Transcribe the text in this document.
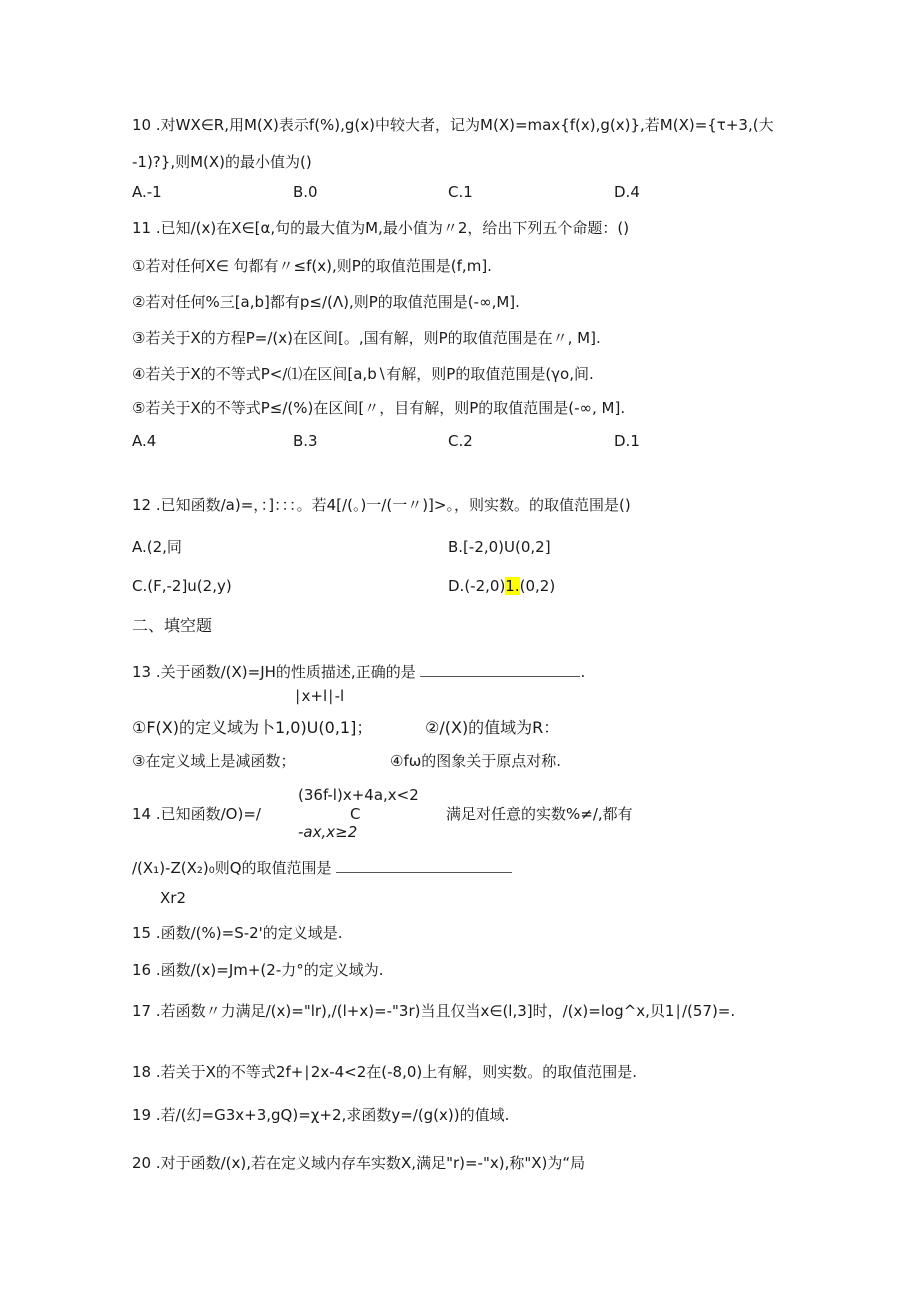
10 .对WX∈R,用M(X)表示f(%),g(x)中较大者，记为M(X)=max{f(x),g(x)},若M(X)={τ+3,(大
-1)?},则M(X)的最小值为()
A.-1	B.0	C.1	D.4
11 .已知/(x)在X∈[α,句的最大值为M,最小值为〃2，给出下列五个命题：()
①若对任何X∈ 句都有〃≤f(x),则P的取值范围是(f,m].
②若对任何%三[a,b]都有p≤/(Λ),则P的取值范围是(-∞,M].
③若关于X的方程P=/(x)在区间[。,国有解，则P的取值范围是在〃, M].
④若关于X的不等式P</⑴在区间[a,b∖有解，则P的取值范围是(γo,间.
⑤若关于X的不等式P≤/(%)在区间[〃，目有解，则P的取值范围是(-∞, M].
A.4	B.3	C.2	D.1
12 .已知函数/a)=，：]：：：。若4[/(。)一/(一〃)]>。，则实数。的取值范围是()
A.(2,同	B.[-2,0)U(0,2]
C.(F,-2]u(2,y)	D.(-2,0)1.(0,2)
二、填空题
13 .关于函数/(X)=JH的性质描述,正确的是	.
∣x+l∣-l
①F(X)的定义域为卜1,0)U(0,1]；	②/(X)的值域为R：
③在定义域上是减函数；	④fω的图象关于原点对称.
(36f-l)x+4a,x<2
14 .已知函数/O)=/	C	满足对任意的实数%≠/,都有
-ax,x≥2
/(X₁)-Z(X₂)₀则Q的取值范围是
Xr2
15 .函数/(%)=S-2'的定义域是.
16 .函数/(x)=Jm+(2-力°的定义域为.
17 .若函数〃力满足/(x)="lr),/(l+x)=-"3r)当且仅当x∈(l,3]时，/(x)=log^x,贝1∣/(57)=.
18 .若关于X的不等式2f+∣2x-4<2在(-8,0)上有解，则实数。的取值范围是.
19 .若/(幻=G3x+3,gQ)=χ+2,求函数y=∕(g(x))的值域.
20 .对于函数/(x),若在定义域内存车实数X,满足"r)=-"x),称"X)为“局
